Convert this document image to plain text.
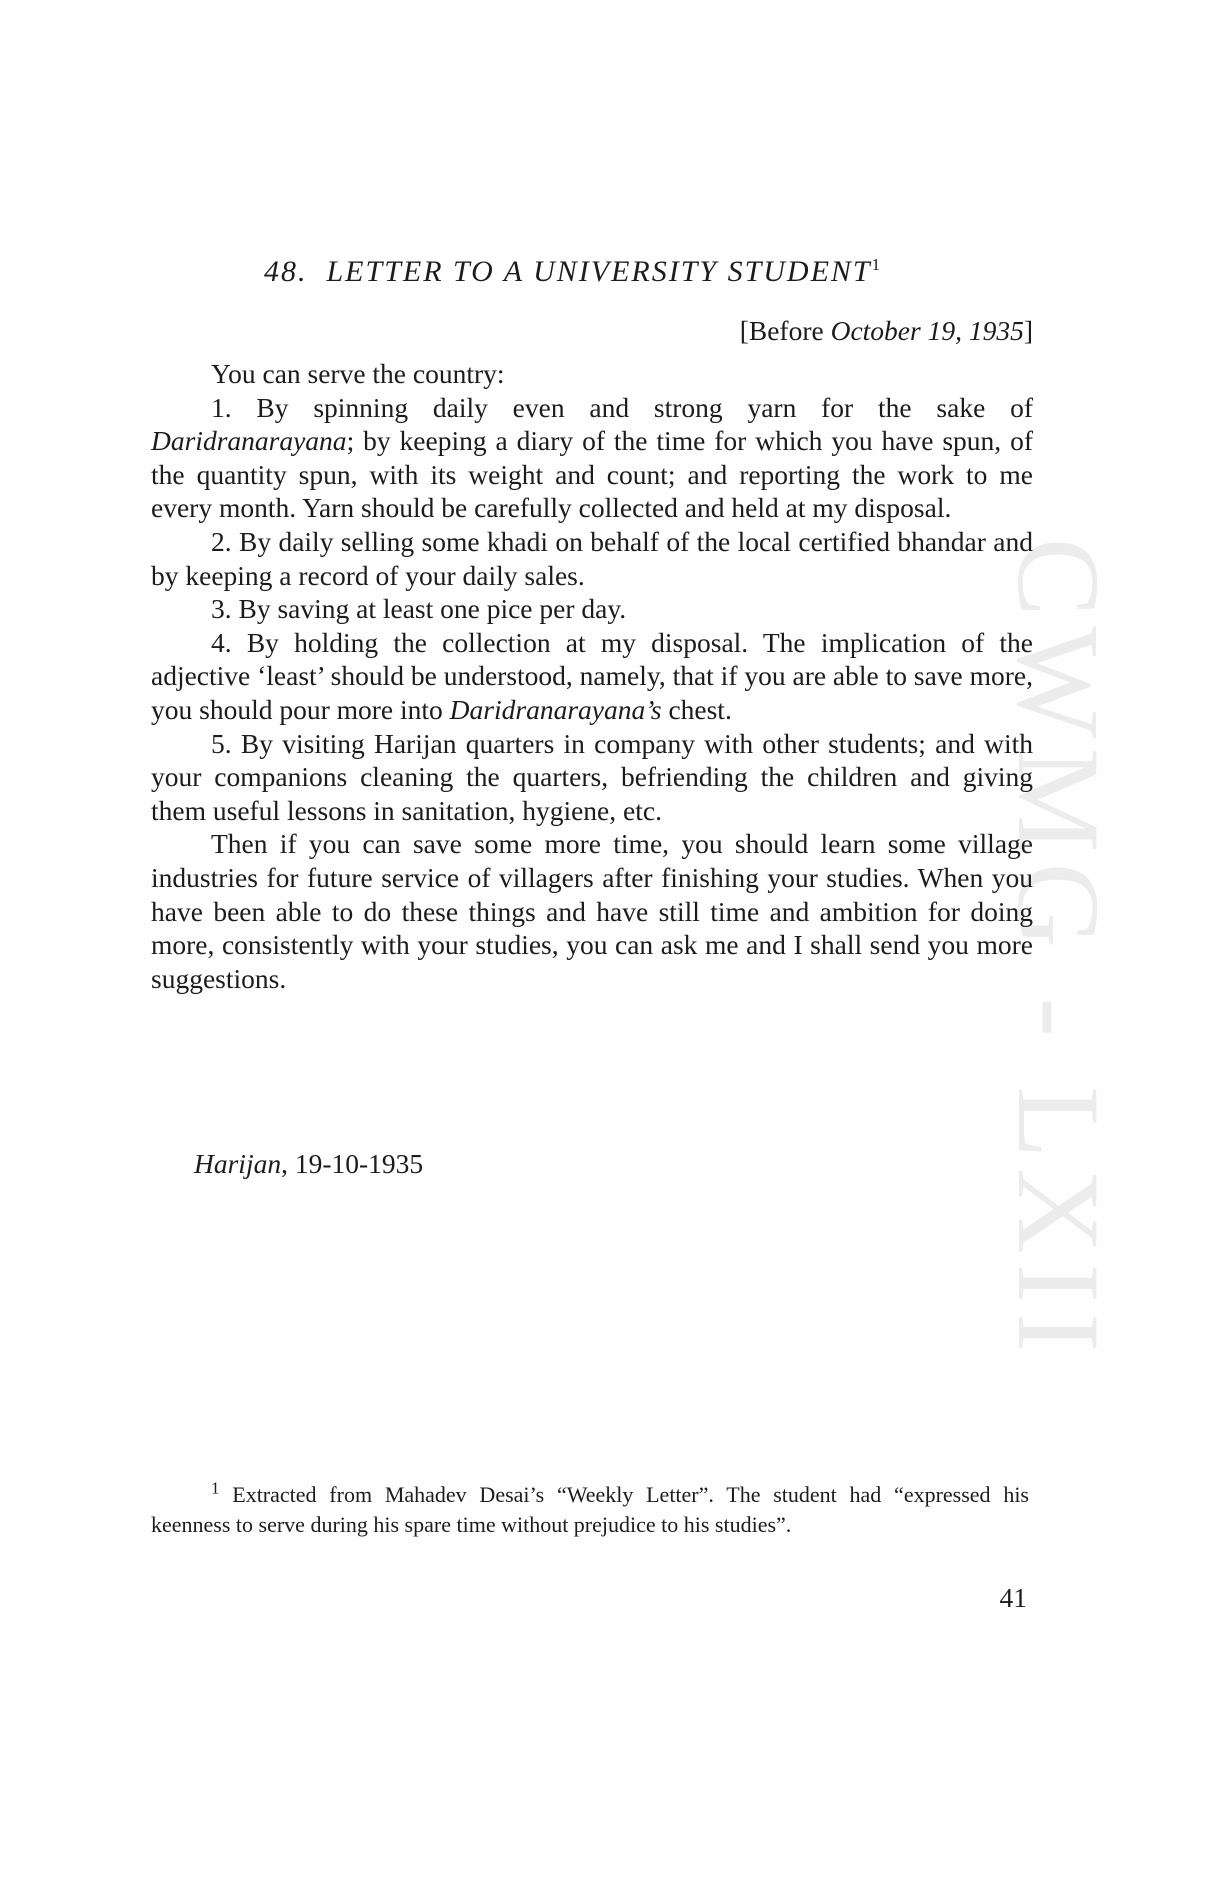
CWMG - LXII
48. LETTER TO A UNIVERSITY STUDENT$^1$
[Before October 19, 1935]

You can serve the country:

1. By spinning daily even and strong yarn for the sake of Daridranarayana; by keeping a diary of the time for which you have spun, of the quantity spun, with its weight and count; and reporting the work to me every month. Yarn should be carefully collected and held at my disposal.

2. By daily selling some khadi on behalf of the local certified bhandar and by keeping a record of your daily sales.

3. By saving at least one pice per day.

4. By holding the collection at my disposal. The implication of the adjective ‘least’ should be understood, namely, that if you are able to save more, you should pour more into Daridranarayana’s chest.

5. By visiting Harijan quarters in company with other students; and with your companions cleaning the quarters, befriending the children and giving them useful lessons in sanitation, hygiene, etc.

Then if you can save some more time, you should learn some village industries for future service of villagers after finishing your studies. When you have been able to do these things and have still time and ambition for doing more, consistently with your studies, you can ask me and I shall send you more suggestions.

Harijan, 19-10-1935

$^1$ Extracted from Mahadev Desai’s “Weekly Letter”. The student had “expressed his keenness to serve during his spare time without prejudice to his studies”.

41
